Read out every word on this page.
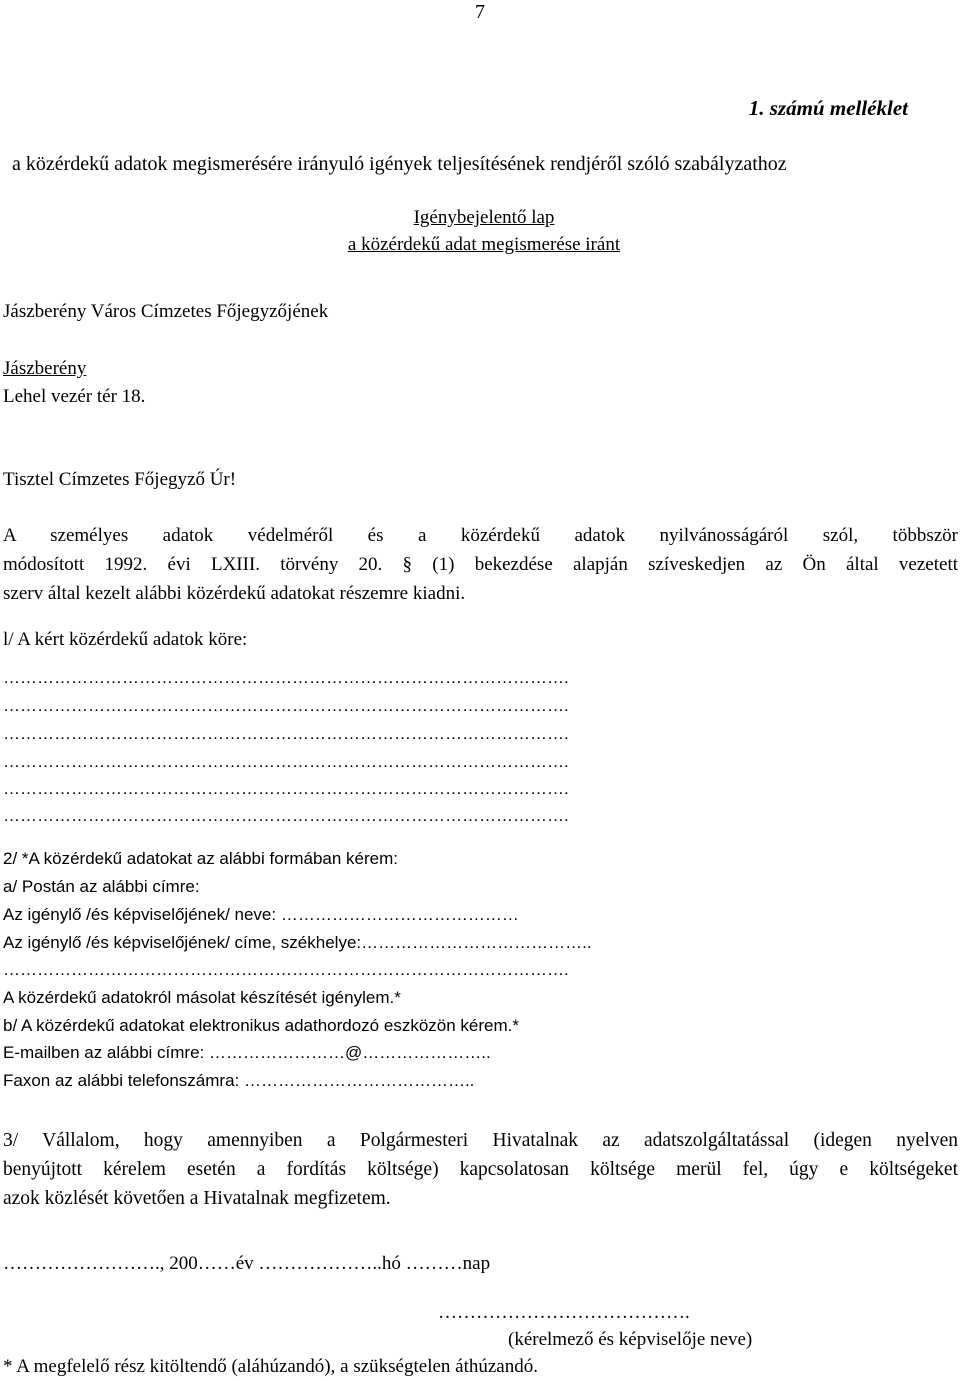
7
1. számú melléklet
a közérdekű adatok megismerésére irányuló igények teljesítésének rendjéről szóló szabályzathoz
Igénybejelentő lap
a közérdekű adat megismerése iránt
Jászberény Város Címzetes Főjegyzőjének
Jászberény
Lehel vezér tér 18.
Tisztel Címzetes Főjegyző Úr!
A személyes adatok védelméről és a közérdekű adatok nyilvánosságáról szól, többször
módosított 1992. évi LXIII. törvény 20. § (1) bekezdése alapján szíveskedjen az Ön által vezetett
szerv által kezelt alábbi közérdekű adatokat részemre kiadni.
l/ A kért közérdekű adatok köre:
……………………………………………………………………………………….
……………………………………………………………………………………….
……………………………………………………………………………………….
……………………………………………………………………………………….
……………………………………………………………………………………….
……………………………………………………………………………………….
2/ *A közérdekű adatokat az alábbi formában kérem:
a/ Postán az alábbi címre:
Az igénylő /és képviselőjének/ neve: ……………………………………
Az igénylő /és képviselőjének/ címe, székhelye:…………………………………..
……………………………………………………………………………………….
A közérdekű adatokról másolat készítését igénylem.*
b/ A közérdekű adatokat elektronikus adathordozó eszközön kérem.*
E-mailben az alábbi címre: ……………………@…………………..
Faxon az alábbi telefonszámra: …………………………………..
3/ Vállalom, hogy amennyiben a Polgármesteri Hivatalnak az adatszolgáltatással (idegen nyelven
benyújtott kérelem esetén a fordítás költsége) kapcsolatosan költsége merül fel, úgy e költségeket
azok közlését követően a Hivatalnak megfizetem.
……………………., 200……év ………………..hó ………nap
………………………………….
(kérelmező és képviselője neve)
* A megfelelő rész kitöltendő (aláhúzandó), a szükségtelen áthúzandó.
